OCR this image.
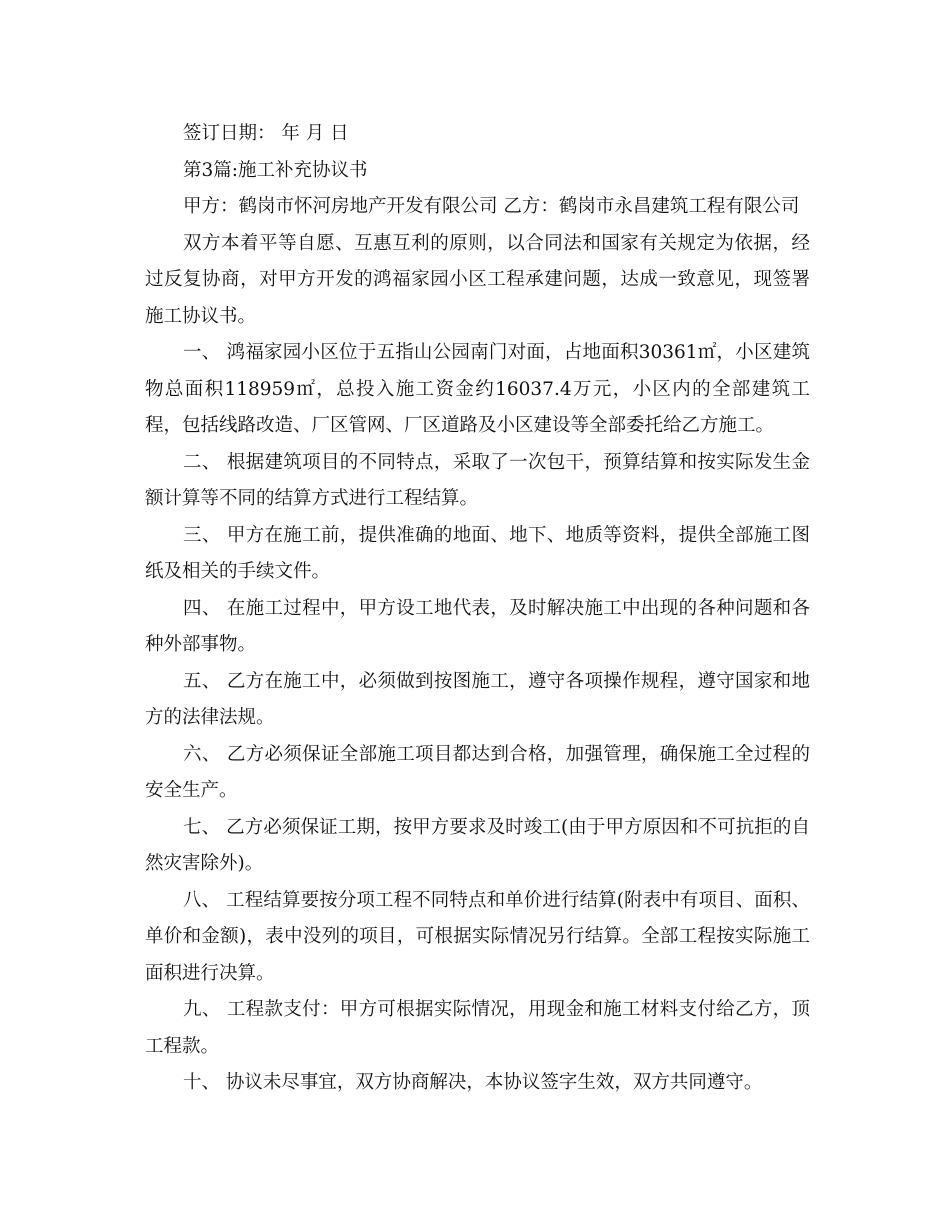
签订日期： 年 月 日

第3篇:施工补充协议书

甲方：鹤岗市怀河房地产开发有限公司 乙方：鹤岗市永昌建筑工程有限公司

双方本着平等自愿、互惠互利的原则，以合同法和国家有关规定为依据，经过反复协商，对甲方开发的鸿福家园小区工程承建问题，达成一致意见，现签署施工协议书。

一、 鸿福家园小区位于五指山公园南门对面，占地面积30361㎡，小区建筑物总面积118959㎡，总投入施工资金约16037.4万元，小区内的全部建筑工程，包括线路改造、厂区管网、厂区道路及小区建设等全部委托给乙方施工。

二、 根据建筑项目的不同特点，采取了一次包干，预算结算和按实际发生金额计算等不同的结算方式进行工程结算。

三、 甲方在施工前，提供准确的地面、地下、地质等资料，提供全部施工图纸及相关的手续文件。

四、 在施工过程中，甲方设工地代表，及时解决施工中出现的各种问题和各种外部事物。

五、 乙方在施工中，必须做到按图施工，遵守各项操作规程，遵守国家和地方的法律法规。

六、 乙方必须保证全部施工项目都达到合格，加强管理，确保施工全过程的安全生产。

七、 乙方必须保证工期，按甲方要求及时竣工(由于甲方原因和不可抗拒的自然灾害除外)。

八、 工程结算要按分项工程不同特点和单价进行结算(附表中有项目、面积、单价和金额)，表中没列的项目，可根据实际情况另行结算。全部工程按实际施工面积进行决算。

九、 工程款支付：甲方可根据实际情况，用现金和施工材料支付给乙方，顶工程款。

十、 协议未尽事宜，双方协商解决，本协议签字生效，双方共同遵守。
